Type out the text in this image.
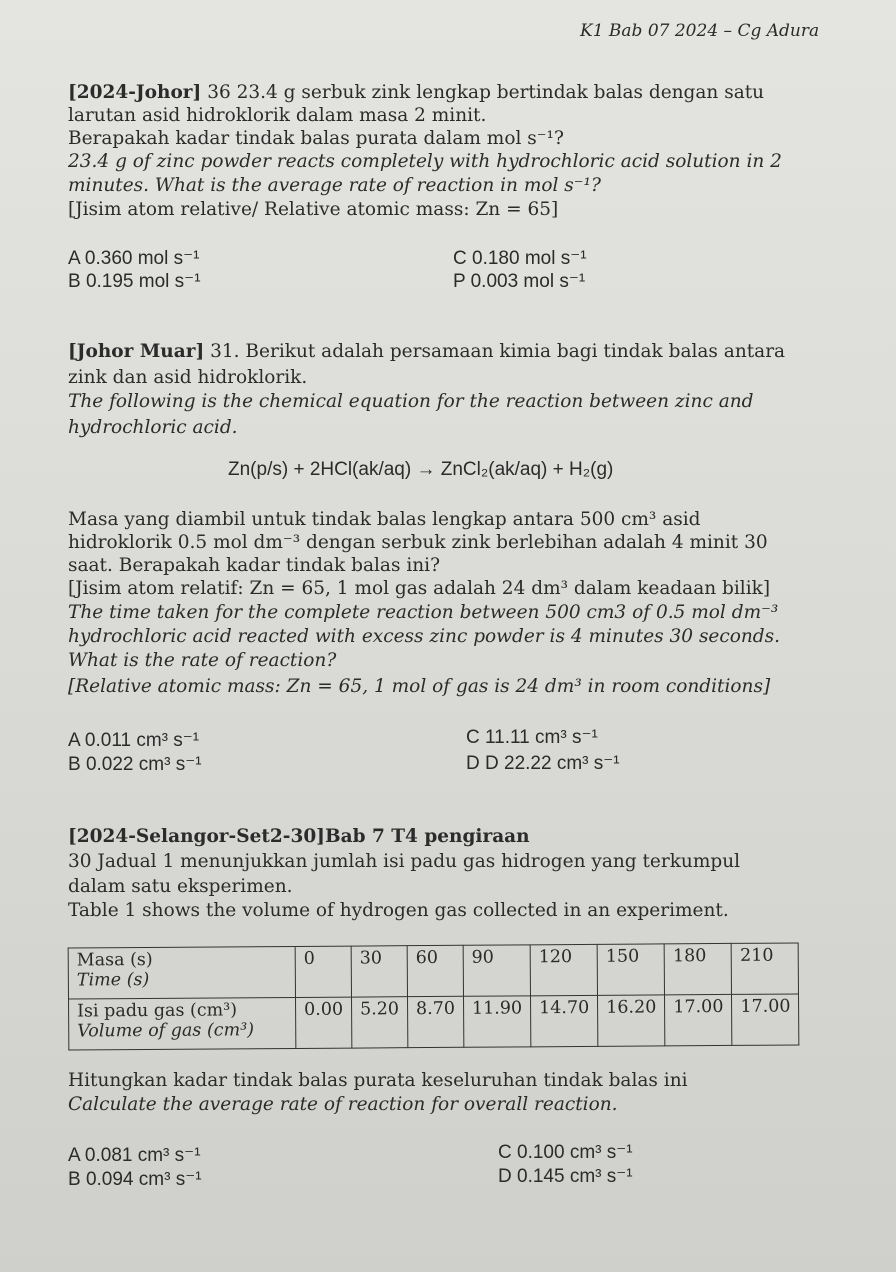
K1 Bab 07 2024 – Cg Adura
[2024-Johor] 36 23.4 g serbuk zink lengkap bertindak balas dengan satu
larutan asid hidroklorik dalam masa 2 minit.
Berapakah kadar tindak balas purata dalam mol s⁻¹?
23.4 g of zinc powder reacts completely with hydrochloric acid solution in 2
minutes. What is the average rate of reaction in mol s⁻¹?
[Jisim atom relative/ Relative atomic mass: Zn = 65]
A 0.360 mol s⁻¹
B 0.195 mol s⁻¹
C 0.180 mol s⁻¹
P 0.003 mol s⁻¹
[Johor Muar] 31. Berikut adalah persamaan kimia bagi tindak balas antara
zink dan asid hidroklorik.
The following is the chemical equation for the reaction between zinc and
hydrochloric acid.
Zn(p/s) + 2HCl(ak/aq) → ZnCl₂(ak/aq) + H₂(g)
Masa yang diambil untuk tindak balas lengkap antara 500 cm³ asid
hidroklorik 0.5 mol dm⁻³ dengan serbuk zink berlebihan adalah 4 minit 30
saat. Berapakah kadar tindak balas ini?
[Jisim atom relatif: Zn = 65, 1 mol gas adalah 24 dm³ dalam keadaan bilik]
The time taken for the complete reaction between 500 cm3 of 0.5 mol dm⁻³
hydrochloric acid reacted with excess zinc powder is 4 minutes 30 seconds.
What is the rate of reaction?
[Relative atomic mass: Zn = 65, 1 mol of gas is 24 dm³ in room conditions]
A 0.011 cm³ s⁻¹
B 0.022 cm³ s⁻¹
C 11.11 cm³ s⁻¹
D D 22.22 cm³ s⁻¹
[2024-Selangor-Set2-30]Bab 7 T4 pengiraan
30 Jadual 1 menunjukkan jumlah isi padu gas hidrogen yang terkumpul
dalam satu eksperimen.
Table 1 shows the volume of hydrogen gas collected in an experiment.
Masa (s)
Time (s)	0	30	60	90	120	150	180	210
Isi padu gas (cm³)
Volume of gas (cm³)	0.00	5.20	8.70	11.90	14.70	16.20	17.00	17.00
Hitungkan kadar tindak balas purata keseluruhan tindak balas ini
Calculate the average rate of reaction for overall reaction.
A 0.081 cm³ s⁻¹
B 0.094 cm³ s⁻¹
C 0.100 cm³ s⁻¹
D 0.145 cm³ s⁻¹
